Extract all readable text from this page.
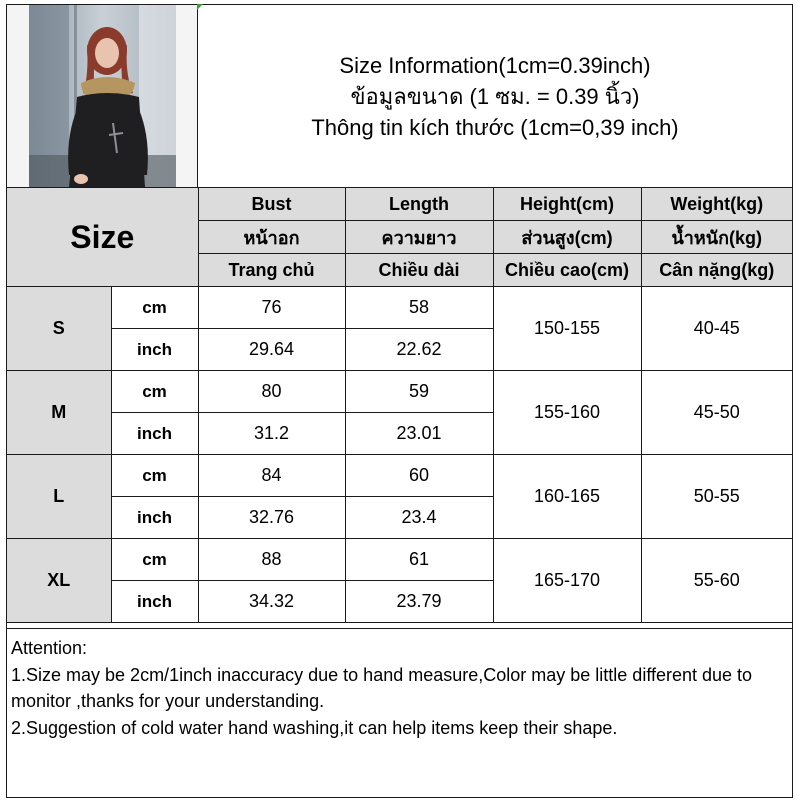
Size Information(1cm=0.39inch)
ข้อมูลขนาด (1 ซม. = 0.39 นิ้ว)
Thông tin kích thước (1cm=0,39 inch)
Size		Bust	Length	Height(cm)	Weight(kg)
		หน้าอก	ความยาว	ส่วนสูง(cm)	น้ำหนัก(kg)
		Trang chủ	Chiều dài	Chiều cao(cm)	Cân nặng(kg)
S	cm	76	58	150-155	40-45
	inch	29.64	22.62		
M	cm	80	59	155-160	45-50
	inch	31.2	23.01		
L	cm	84	60	160-165	50-55
	inch	32.76	23.4		
XL	cm	88	61	165-170	55-60
	inch	34.32	23.79		

Attention:

1.Size may be 2cm/1inch inaccuracy due to hand measure,Color may be little different due to monitor ,thanks for your understanding.

2.Suggestion of cold water hand washing,it can help items keep their shape.
